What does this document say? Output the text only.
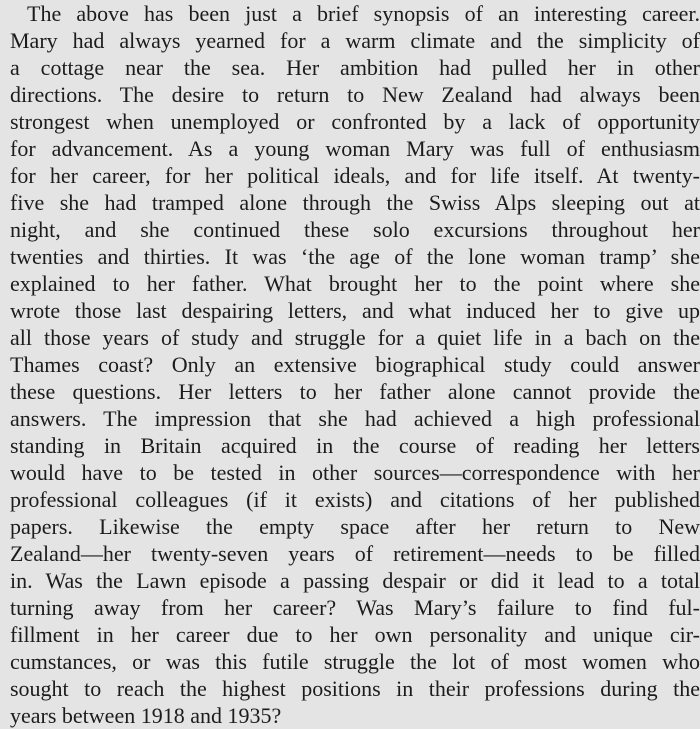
The above has been just a brief synopsis of an interesting career.
Mary had always yearned for a warm climate and the simplicity of
a cottage near the sea. Her ambition had pulled her in other
directions. The desire to return to New Zealand had always been
strongest when unemployed or confronted by a lack of opportunity
for advancement. As a young woman Mary was full of enthusiasm
for her career, for her political ideals, and for life itself. At twenty-
five she had tramped alone through the Swiss Alps sleeping out at
night, and she continued these solo excursions throughout her
twenties and thirties. It was ‘the age of the lone woman tramp’ she
explained to her father. What brought her to the point where she
wrote those last despairing letters, and what induced her to give up
all those years of study and struggle for a quiet life in a bach on the
Thames coast? Only an extensive biographical study could answer
these questions. Her letters to her father alone cannot provide the
answers. The impression that she had achieved a high professional
standing in Britain acquired in the course of reading her letters
would have to be tested in other sources—correspondence with her
professional colleagues (if it exists) and citations of her published
papers. Likewise the empty space after her return to New
Zealand—her twenty-seven years of retirement—needs to be filled
in. Was the Lawn episode a passing despair or did it lead to a total
turning away from her career? Was Mary’s failure to find ful-
fillment in her career due to her own personality and unique cir-
cumstances, or was this futile struggle the lot of most women who
sought to reach the highest positions in their professions during the
years between 1918 and 1935?
